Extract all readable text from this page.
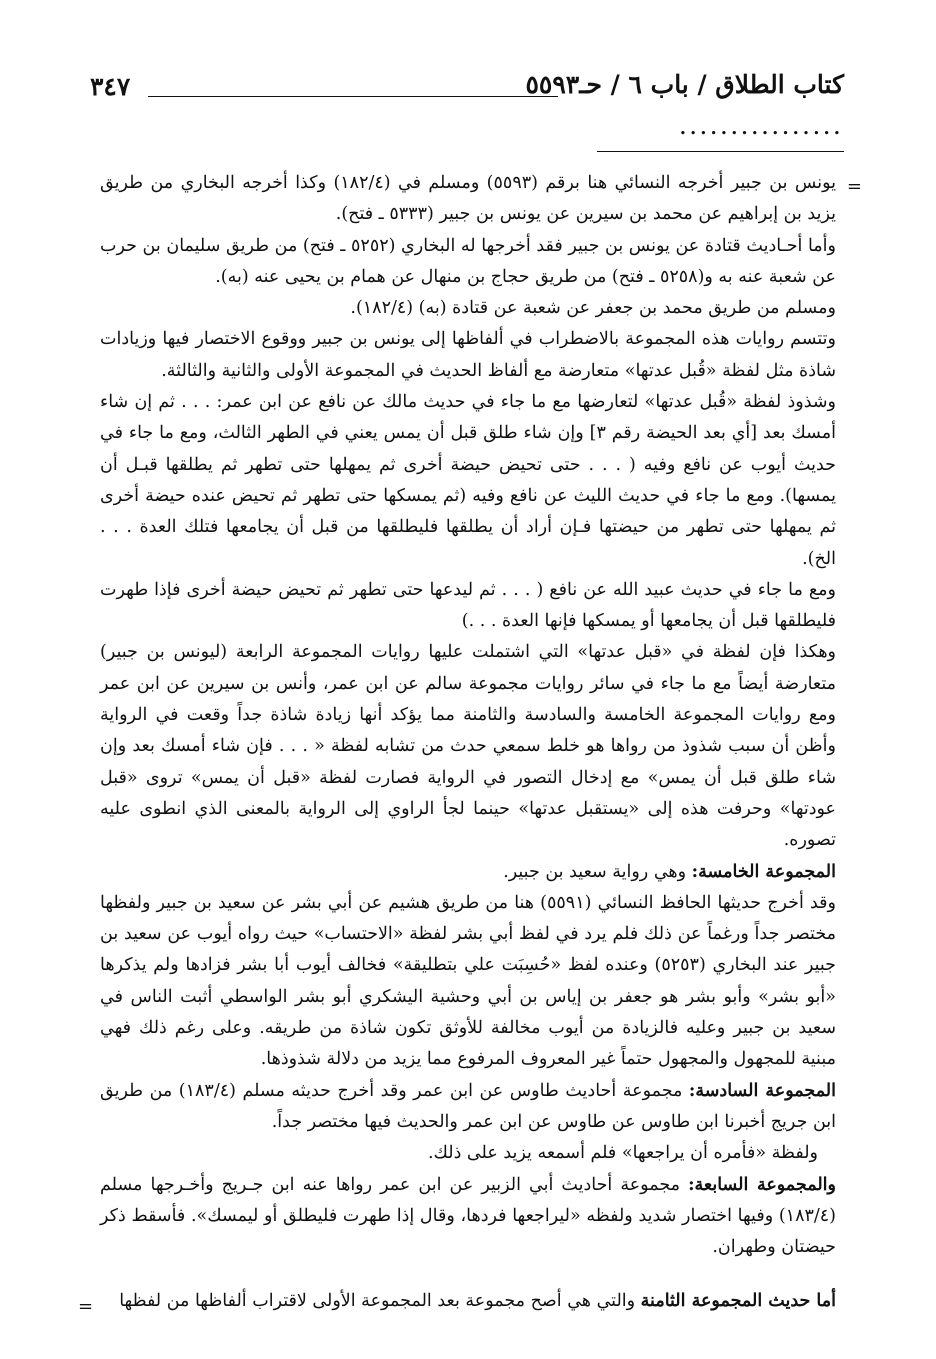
كتاب الطلاق / باب ٦ / حـ٥٥٩٣
٣٤٧
................
=

يونس بن جبير أخرجه النسائي هنا برقم (٥٥٩٣) ومسلم في (١٨٢/٤) وكذا أخرجه البخاري من طريق يزيد بن إبراهيم عن محمد بن سيرين عن يونس بن جبير (٥٣٣٣ ـ فتح).

وأما أحـاديث قتادة عن يونس بن جبير فقد أخرجها له البخاري (٥٢٥٢ ـ فتح) من طريق سليمان بن حرب عن شعبة عنه به و(٥٢٥٨ ـ فتح) من طريق حجاج بن منهال عن همام بن يحيى عنه (به).

ومسلم من طريق محمد بن جعفر عن شعبة عن قتادة (به) (١٨٢/٤).

وتتسم روايات هذه المجموعة بالاضطراب في ألفاظها إلى يونس بن جبير ووقوع الاختصار فيها وزيادات شاذة مثل لفظة «قُبل عدتها» متعارضة مع ألفاظ الحديث في المجموعة الأولى والثانية والثالثة.

وشذوذ لفظة «قُبل عدتها» لتعارضها مع ما جاء في حديث مالك عن نافع عن ابن عمر: . . . ثم إن شاء أمسك بعد [أي بعد الحيضة رقم ٣] وإن شاء طلق قبل أن يمس يعني في الطهر الثالث، ومع ما جاء في حديث أيوب عن نافع وفيه ( . . . حتى تحيض حيضة أخرى ثم يمهلها حتى تطهر ثم يطلقها قبـل أن يمسها). ومع ما جاء في حديث الليث عن نافع وفيه (ثم يمسكها حتى تطهر ثم تحيض عنده حيضة أخرى ثم يمهلها حتى تطهر من حيضتها فـإن أراد أن يطلقها فليطلقها من قبل أن يجامعها فتلك العدة . . . الخ).

ومع ما جاء في حديث عبيد الله عن نافع ( . . . ثم ليدعها حتى تطهر ثم تحيض حيضة أخرى فإذا طهرت فليطلقها قبل أن يجامعها أو يمسكها فإنها العدة . . .)

وهكذا فإن لفظة في «قبل عدتها» التي اشتملت عليها روايات المجموعة الرابعة (ليونس بن جبير) متعارضة أيضاً مع ما جاء في سائر روايات مجموعة سالم عن ابن عمر، وأنس بن سيرين عن ابن عمر ومع روايات المجموعة الخامسة والسادسة والثامنة مما يؤكد أنها زيادة شاذة جداً وقعت في الرواية وأظن أن سبب شذوذ من رواها هو خلط سمعي حدث من تشابه لفظة « . . . فإن شاء أمسك بعد وإن شاء طلق قبل أن يمس» مع إدخال التصور في الرواية فصارت لفظة «قبل أن يمس» تروى «قبل عودتها» وحرفت هذه إلى «يستقبل عدتها» حينما لجأ الراوي إلى الرواية بالمعنى الذي انطوى عليه تصوره.

المجموعة الخامسة: وهي رواية سعيد بن جبير.

وقد أخرج حديثها الحافظ النسائي (٥٥٩١) هنا من طريق هشيم عن أبي بشر عن سعيد بن جبير ولفظها مختصر جداً ورغماً عن ذلك فلم يرد في لفظ أبي بشر لفظة «الاحتساب» حيث رواه أيوب عن سعيد بن جبير عند البخاري (٥٢٥٣) وعنده لفظ «حُسِبَت علي بتطليقة» فخالف أيوب أبا بشر فزادها ولم يذكرها «أبو بشر» وأبو بشر هو جعفر بن إياس بن أبي وحشية اليشكري أبو بشر الواسطي أثبت الناس في سعيد بن جبير وعليه فالزيادة من أيوب مخالفة للأوثق تكون شاذة من طريقه. وعلى رغم ذلك فهي مبنية للمجهول والمجهول حتماً غير المعروف المرفوع مما يزيد من دلالة شذوذها.

المجموعة السادسة: مجموعة أحاديث طاوس عن ابن عمر وقد أخرج حديثه مسلم (١٨٣/٤) من طريق ابن جريج أخبرنا ابن طاوس عن طاوس عن ابن عمر والحديث فيها مختصر جداً.

ولفظة «فأمره أن يراجعها» فلم أسمعه يزيد على ذلك.

والمجموعة السابعة: مجموعة أحاديث أبي الزبير عن ابن عمر رواها عنه ابن جـريج وأخـرجها مسلم (١٨٣/٤) وفيها اختصار شديد ولفظه «ليراجعها فردها، وقال إذا طهرت فليطلق أو ليمسك». فأسقط ذكر حيضتان وطهران.

أما حديث المجموعة الثامنة والتي هي أصح مجموعة بعد المجموعة الأولى لاقتراب ألفاظها من لفظها
=
